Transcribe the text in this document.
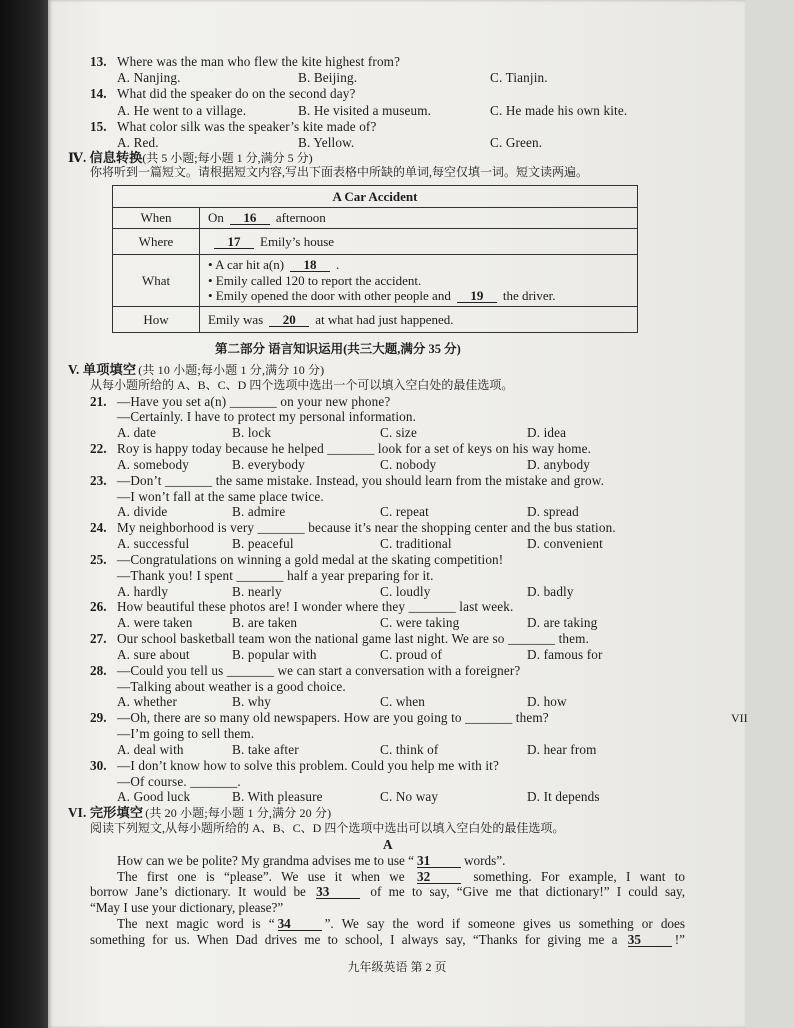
13. Where was the man who flew the kite highest from?
A. Nanjing.	B. Beijing.	C. Tianjin.
14. What did the speaker do on the second day?
A. He went to a village.	B. He visited a museum.	C. He made his own kite.
15. What color silk was the speaker’s kite made of?
A. Red.	B. Yellow.	C. Green.
Ⅳ. 信息转换(共 5 小题;每小题 1 分,满分 5 分)
你将听到一篇短文。请根据短文内容,写出下面表格中所缺的单词,每空仅填一词。短文读两遍。
A Car Accident
When	On 16 afternoon
Where	17 Emily’s house
What
• A car hit a(n) 18 .
• Emily called 120 to report the accident.
• Emily opened the door with other people and 19 the driver.
How	Emily was 20 at what had just happened.
第二部分 语言知识运用(共三大题,满分 35 分)
V. 单项填空 (共 10 小题;每小题 1 分,满分 10 分)
从每小题所给的 A、B、C、D 四个选项中选出一个可以填入空白处的最佳选项。
21. —Have you set a(n) _______ on your new phone?
—Certainly. I have to protect my personal information.
A. date	B. lock	C. size	D. idea
22. Roy is happy today because he helped _______ look for a set of keys on his way home.
A. somebody	B. everybody	C. nobody	D. anybody
23. —Don’t _______ the same mistake. Instead, you should learn from the mistake and grow.
—I won’t fall at the same place twice.
A. divide	B. admire	C. repeat	D. spread
24. My neighborhood is very _______ because it’s near the shopping center and the bus station.
A. successful	B. peaceful	C. traditional	D. convenient
25. —Congratulations on winning a gold medal at the skating competition!
—Thank you! I spent _______ half a year preparing for it.
A. hardly	B. nearly	C. loudly	D. badly
26. How beautiful these photos are! I wonder where they _______ last week.
A. were taken	B. are taken	C. were taking	D. are taking
27. Our school basketball team won the national game last night. We are so _______ them.
A. sure about	B. popular with	C. proud of	D. famous for
28. —Could you tell us _______ we can start a conversation with a foreigner?
—Talking about weather is a good choice.
A. whether	B. why	C. when	D. how
29. —Oh, there are so many old newspapers. How are you going to _______ them?
—I’m going to sell them.
A. deal with	B. take after	C. think of	D. hear from
30. —I don’t know how to solve this problem. Could you help me with it?
—Of course. _______.
A. Good luck	B. With pleasure	C. No way	D. It depends
VI. 完形填空 (共 20 小题;每小题 1 分,满分 20 分)
阅读下列短文,从每小题所给的 A、B、C、D 四个选项中选出可以填入空白处的最佳选项。
A
How can we be polite? My grandma advises me to use “ 31	words”.
The first one is “please”. We use it when we 32	something. For example, I want to
borrow Jane’s dictionary. It would be 33	of me to say, “Give me that dictionary!” I could say,
“May I use your dictionary, please?”
The next magic word is “ 34	”. We say the word if someone gives us something or does
something for us. When Dad drives me to school, I always say, “Thanks for giving me a 35	!”
VII
九年级英语 第 2 页
